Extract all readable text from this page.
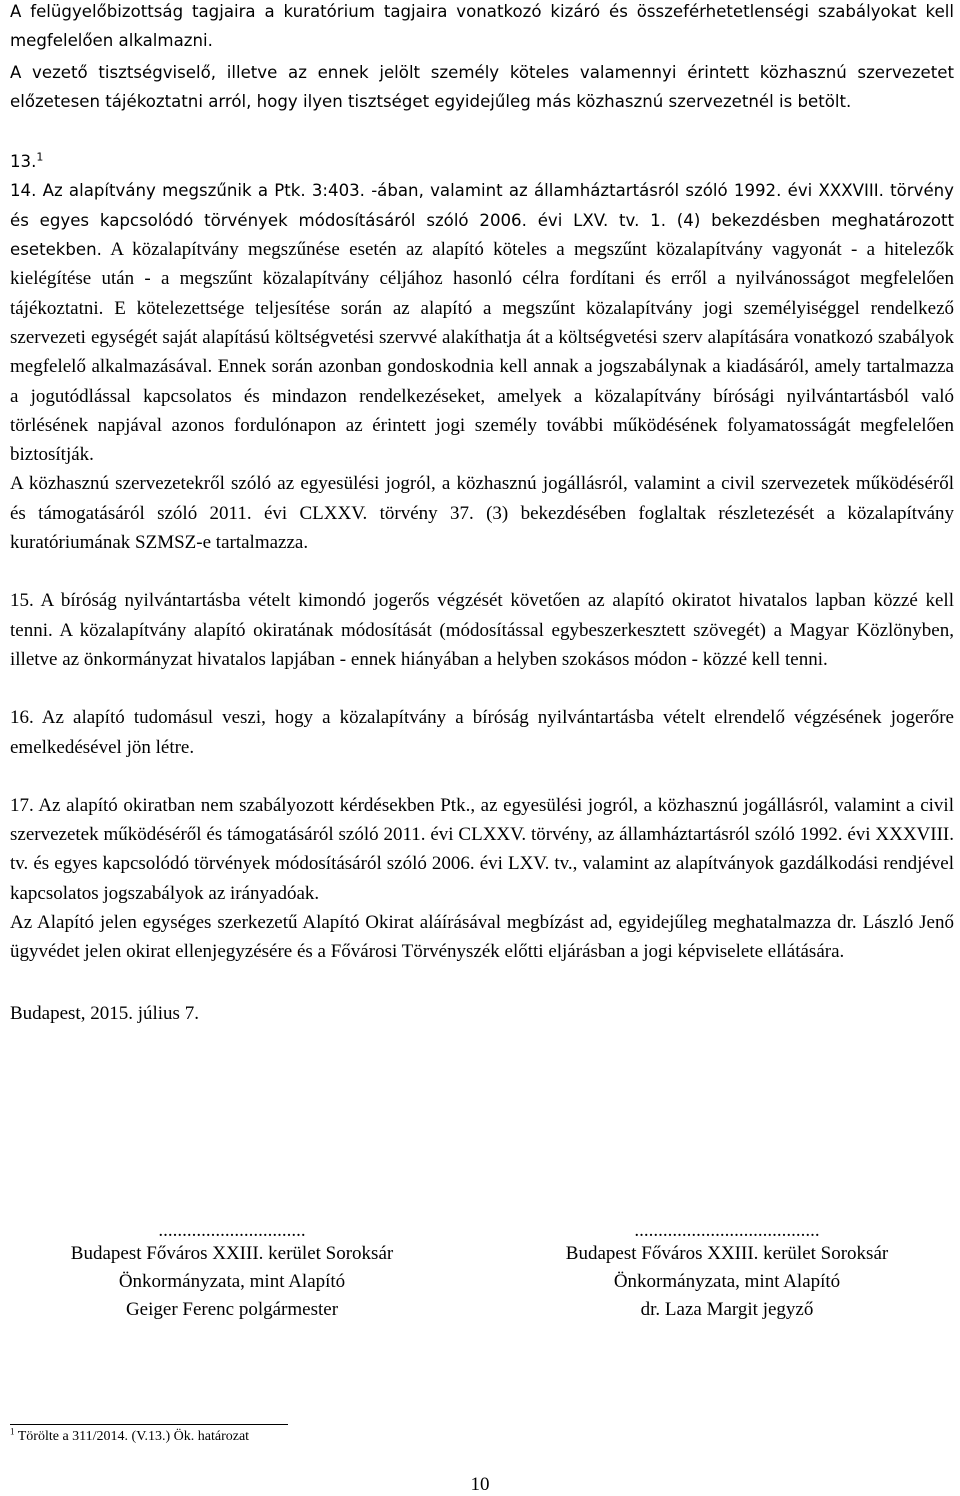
A felügyelőbizottság tagjaira a kuratórium tagjaira vonatkozó kizáró és összeférhetetlenségi szabályokat kell megfelelően alkalmazni.

A vezető tisztségviselő, illetve az ennek jelölt személy köteles valamennyi érintett közhasznú szervezetet előzetesen tájékoztatni arról, hogy ilyen tisztséget egyidejűleg más közhasznú szervezetnél is betölt.

13.$^1$

14. Az alapítvány megszűnik a Ptk. 3:403. -ában, valamint az államháztartásról szóló 1992. évi XXXVIII. törvény és egyes kapcsolódó törvények módosításáról szóló 2006. évi LXV. tv. 1. (4) bekezdésben meghatározott esetekben. A közalapítvány megszűnése esetén az alapító köteles a megszűnt közalapítvány vagyonát - a hitelezők kielégítése után - a megszűnt közalapítvány céljához hasonló célra fordítani és erről a nyilvánosságot megfelelően tájékoztatni. E kötelezettsége teljesítése során az alapító a megszűnt közalapítvány jogi személyiséggel rendelkező szervezeti egységét saját alapítású költségvetési szervvé alakíthatja át a költségvetési szerv alapítására vonatkozó szabályok megfelelő alkalmazásával. Ennek során azonban gondoskodnia kell annak a jogszabálynak a kiadásáról, amely tartalmazza a jogutódlással kapcsolatos és mindazon rendelkezéseket, amelyek a közalapítvány bírósági nyilvántartásból való törlésének napjával azonos fordulónapon az érintett jogi személy további működésének folyamatosságát megfelelően biztosítják.

A közhasznú szervezetekről szóló az egyesülési jogról, a közhasznú jogállásról, valamint a civil szervezetek működéséről és támogatásáról szóló 2011. évi CLXXV. törvény 37. (3) bekezdésében foglaltak részletezését a közalapítvány kuratóriumának SZMSZ-e tartalmazza.

15. A bíróság nyilvántartásba vételt kimondó jogerős végzését követően az alapító okiratot hivatalos lapban közzé kell tenni. A közalapítvány alapító okiratának módosítását (módosítással egybeszerkesztett szövegét) a Magyar Közlönyben, illetve az önkormányzat hivatalos lapjában - ennek hiányában a helyben szokásos módon - közzé kell tenni.

16. Az alapító tudomásul veszi, hogy a közalapítvány a bíróság nyilvántartásba vételt elrendelő végzésének jogerőre emelkedésével jön létre.

17. Az alapító okiratban nem szabályozott kérdésekben Ptk., az egyesülési jogról, a közhasznú jogállásról, valamint a civil szervezetek működéséről és támogatásáról szóló 2011. évi CLXXV. törvény, az államháztartásról szóló 1992. évi XXXVIII. tv. és egyes kapcsolódó törvények módosításáról szóló 2006. évi LXV. tv., valamint az alapítványok gazdálkodási rendjével kapcsolatos jogszabályok az irányadóak.

Az Alapító jelen egységes szerkezetű Alapító Okirat aláírásával megbízást ad, egyidejűleg meghatalmazza dr. László Jenő ügyvédet jelen okirat ellenjegyzésére és a Fővárosi Törvényszék előtti eljárásban a jogi képviselete ellátására.

Budapest, 2015. július 7.

...............................
Budapest Főváros XXIII. kerület Soroksár
Önkormányzata, mint Alapító
Geiger Ferenc polgármester
.......................................
Budapest Főváros XXIII. kerület Soroksár
Önkormányzata, mint Alapító
dr. Laza Margit jegyző
$^1$ Törölte a 311/2014. (V.13.) Ök. határozat
10
